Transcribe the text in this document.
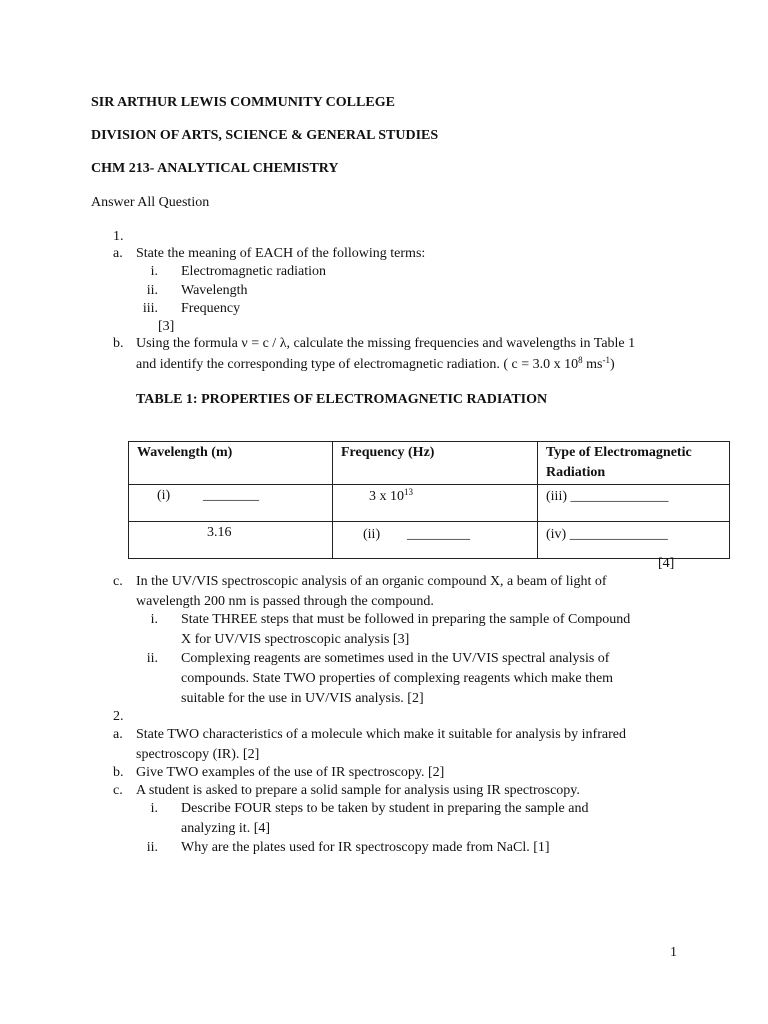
SIR ARTHUR LEWIS COMMUNITY COLLEGE
DIVISION OF ARTS, SCIENCE & GENERAL STUDIES
CHM 213- ANALYTICAL CHEMISTRY
Answer All Question
1.
a. State the meaning of EACH of the following terms:
i. Electromagnetic radiation
ii. Wavelength
iii. Frequency
[3]
b. Using the formula ν = c / λ, calculate the missing frequencies and wavelengths in Table 1
and identify the corresponding type of electromagnetic radiation. ( c = 3.0 x $10^8$ $ms^{-1}$)
TABLE 1: PROPERTIES OF ELECTROMAGNETIC RADIATION
Wavelength (m)	Frequency (Hz)	Type of Electromagnetic Radiation

(i) ________	3 x $10^{13}$	(iii) ______________

3.16	(ii) _________	(iv) ______________
[4]
c. In the UV/VIS spectroscopic analysis of an organic compound X, a beam of light of
wavelength 200 nm is passed through the compound.
i. State THREE steps that must be followed in preparing the sample of Compound
X for UV/VIS spectroscopic analysis [3]
ii. Complexing reagents are sometimes used in the UV/VIS spectral analysis of
compounds. State TWO properties of complexing reagents which make them
suitable for the use in UV/VIS analysis. [2]
2.
a. State TWO characteristics of a molecule which make it suitable for analysis by infrared
spectroscopy (IR). [2]
b. Give TWO examples of the use of IR spectroscopy. [2]
c. A student is asked to prepare a solid sample for analysis using IR spectroscopy.
i. Describe FOUR steps to be taken by student in preparing the sample and
analyzing it. [4]
ii. Why are the plates used for IR spectroscopy made from NaCl. [1]
1
